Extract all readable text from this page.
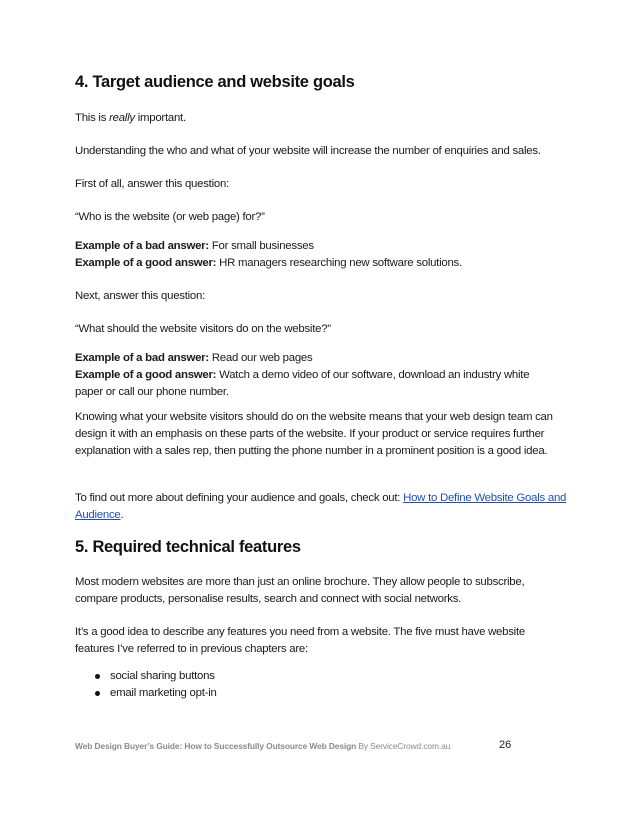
4. Target audience and website goals

This is really important.

Understanding the who and what of your website will increase the number of enquiries and sales.

First of all, answer this question:

“Who is the website (or web page) for?”

Example of a bad answer: For small businesses
Example of a good answer: HR managers researching new software solutions.

Next, answer this question:

“What should the website visitors do on the website?”

Example of a bad answer: Read our web pages
Example of a good answer: Watch a demo video of our software, download an industry white paper or call our phone number.

Knowing what your website visitors should do on the website means that your web design team can design it with an emphasis on these parts of the website. If your product or service requires further explanation with a sales rep, then putting the phone number in a prominent position is a good idea.

To find out more about defining your audience and goals, check out: How to Define Website Goals and Audience.

5. Required technical features

Most modern websites are more than just an online brochure. They allow people to subscribe, compare products, personalise results, search and connect with social networks.

It’s a good idea to describe any features you need from a website. The five must have website features I’ve referred to in previous chapters are:

social sharing buttons
email marketing opt-in
Web Design Buyer’s Guide: How to Successfully Outsource Web Design By ServiceCrowd.com.au	26
